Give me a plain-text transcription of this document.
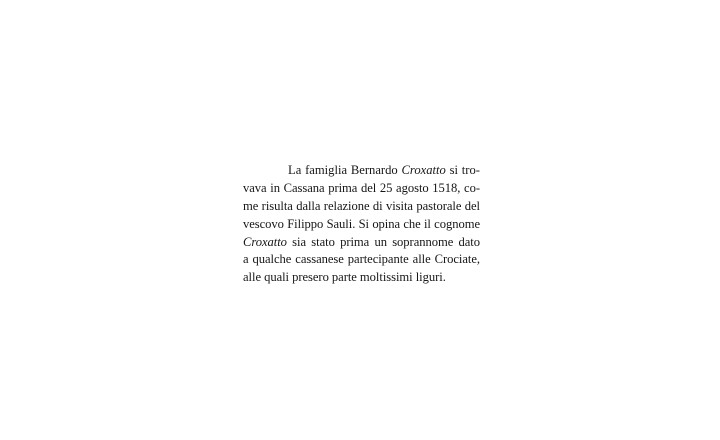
La famiglia Bernardo Croxatto si tro-
vava in Cassana prima del 25 agosto 1518, co-
me risulta dalla relazione di visita pastorale del
vescovo Filippo Sauli. Si opina che il cognome
Croxatto sia stato prima un soprannome dato
a qualche cassanese partecipante alle Crociate,
alle quali presero parte moltissimi liguri.
